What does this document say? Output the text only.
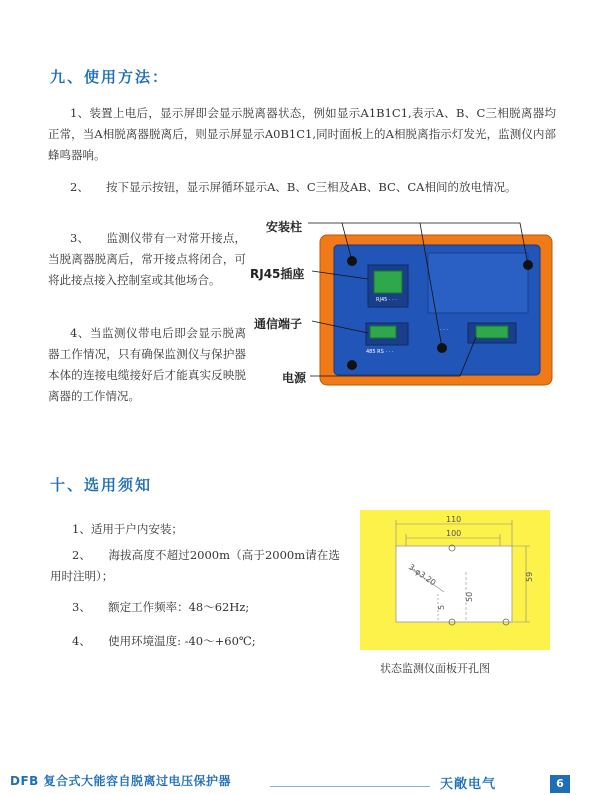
九、使用方法：
1、装置上电后，显示屏即会显示脱离器状态，例如显示A1B1C1,表示A、B、C三相脱离器均正常，当A相脱离器脱离后，则显示屏显示A0B1C1,同时面板上的A相脱离指示灯发光，监测仪内部蜂鸣器响。
2、　　按下显示按钮，显示屏循环显示A、B、C三相及AB、BC、CA相间的放电情况。
3、　　监测仪带有一对常开接点，当脱离器脱离后，常开接点将闭合，可将此接点接入控制室或其他场合。
4、当监测仪带电后即会显示脱离器工作情况，只有确保监测仪与保护器本体的连接电缆接好后才能真实反映脱离器的工作情况。
RJ45 · · ·
485 RS · · ·
· · ·
安装柱
RJ45插座
通信端子
电源
十、选用须知
1、适用于户内安装；
2、　　海拔高度不超过2000m（高于2000m请在选用时注明）；
3、　　额定工作频率：48～62Hz;
4、　　使用环境温度: -40～+60℃;
110
100
59
50
5
3-φ3.20
状态监测仪面板开孔图
DFB 复合式大能容自脱离过电压保护器	天敞电气	6
